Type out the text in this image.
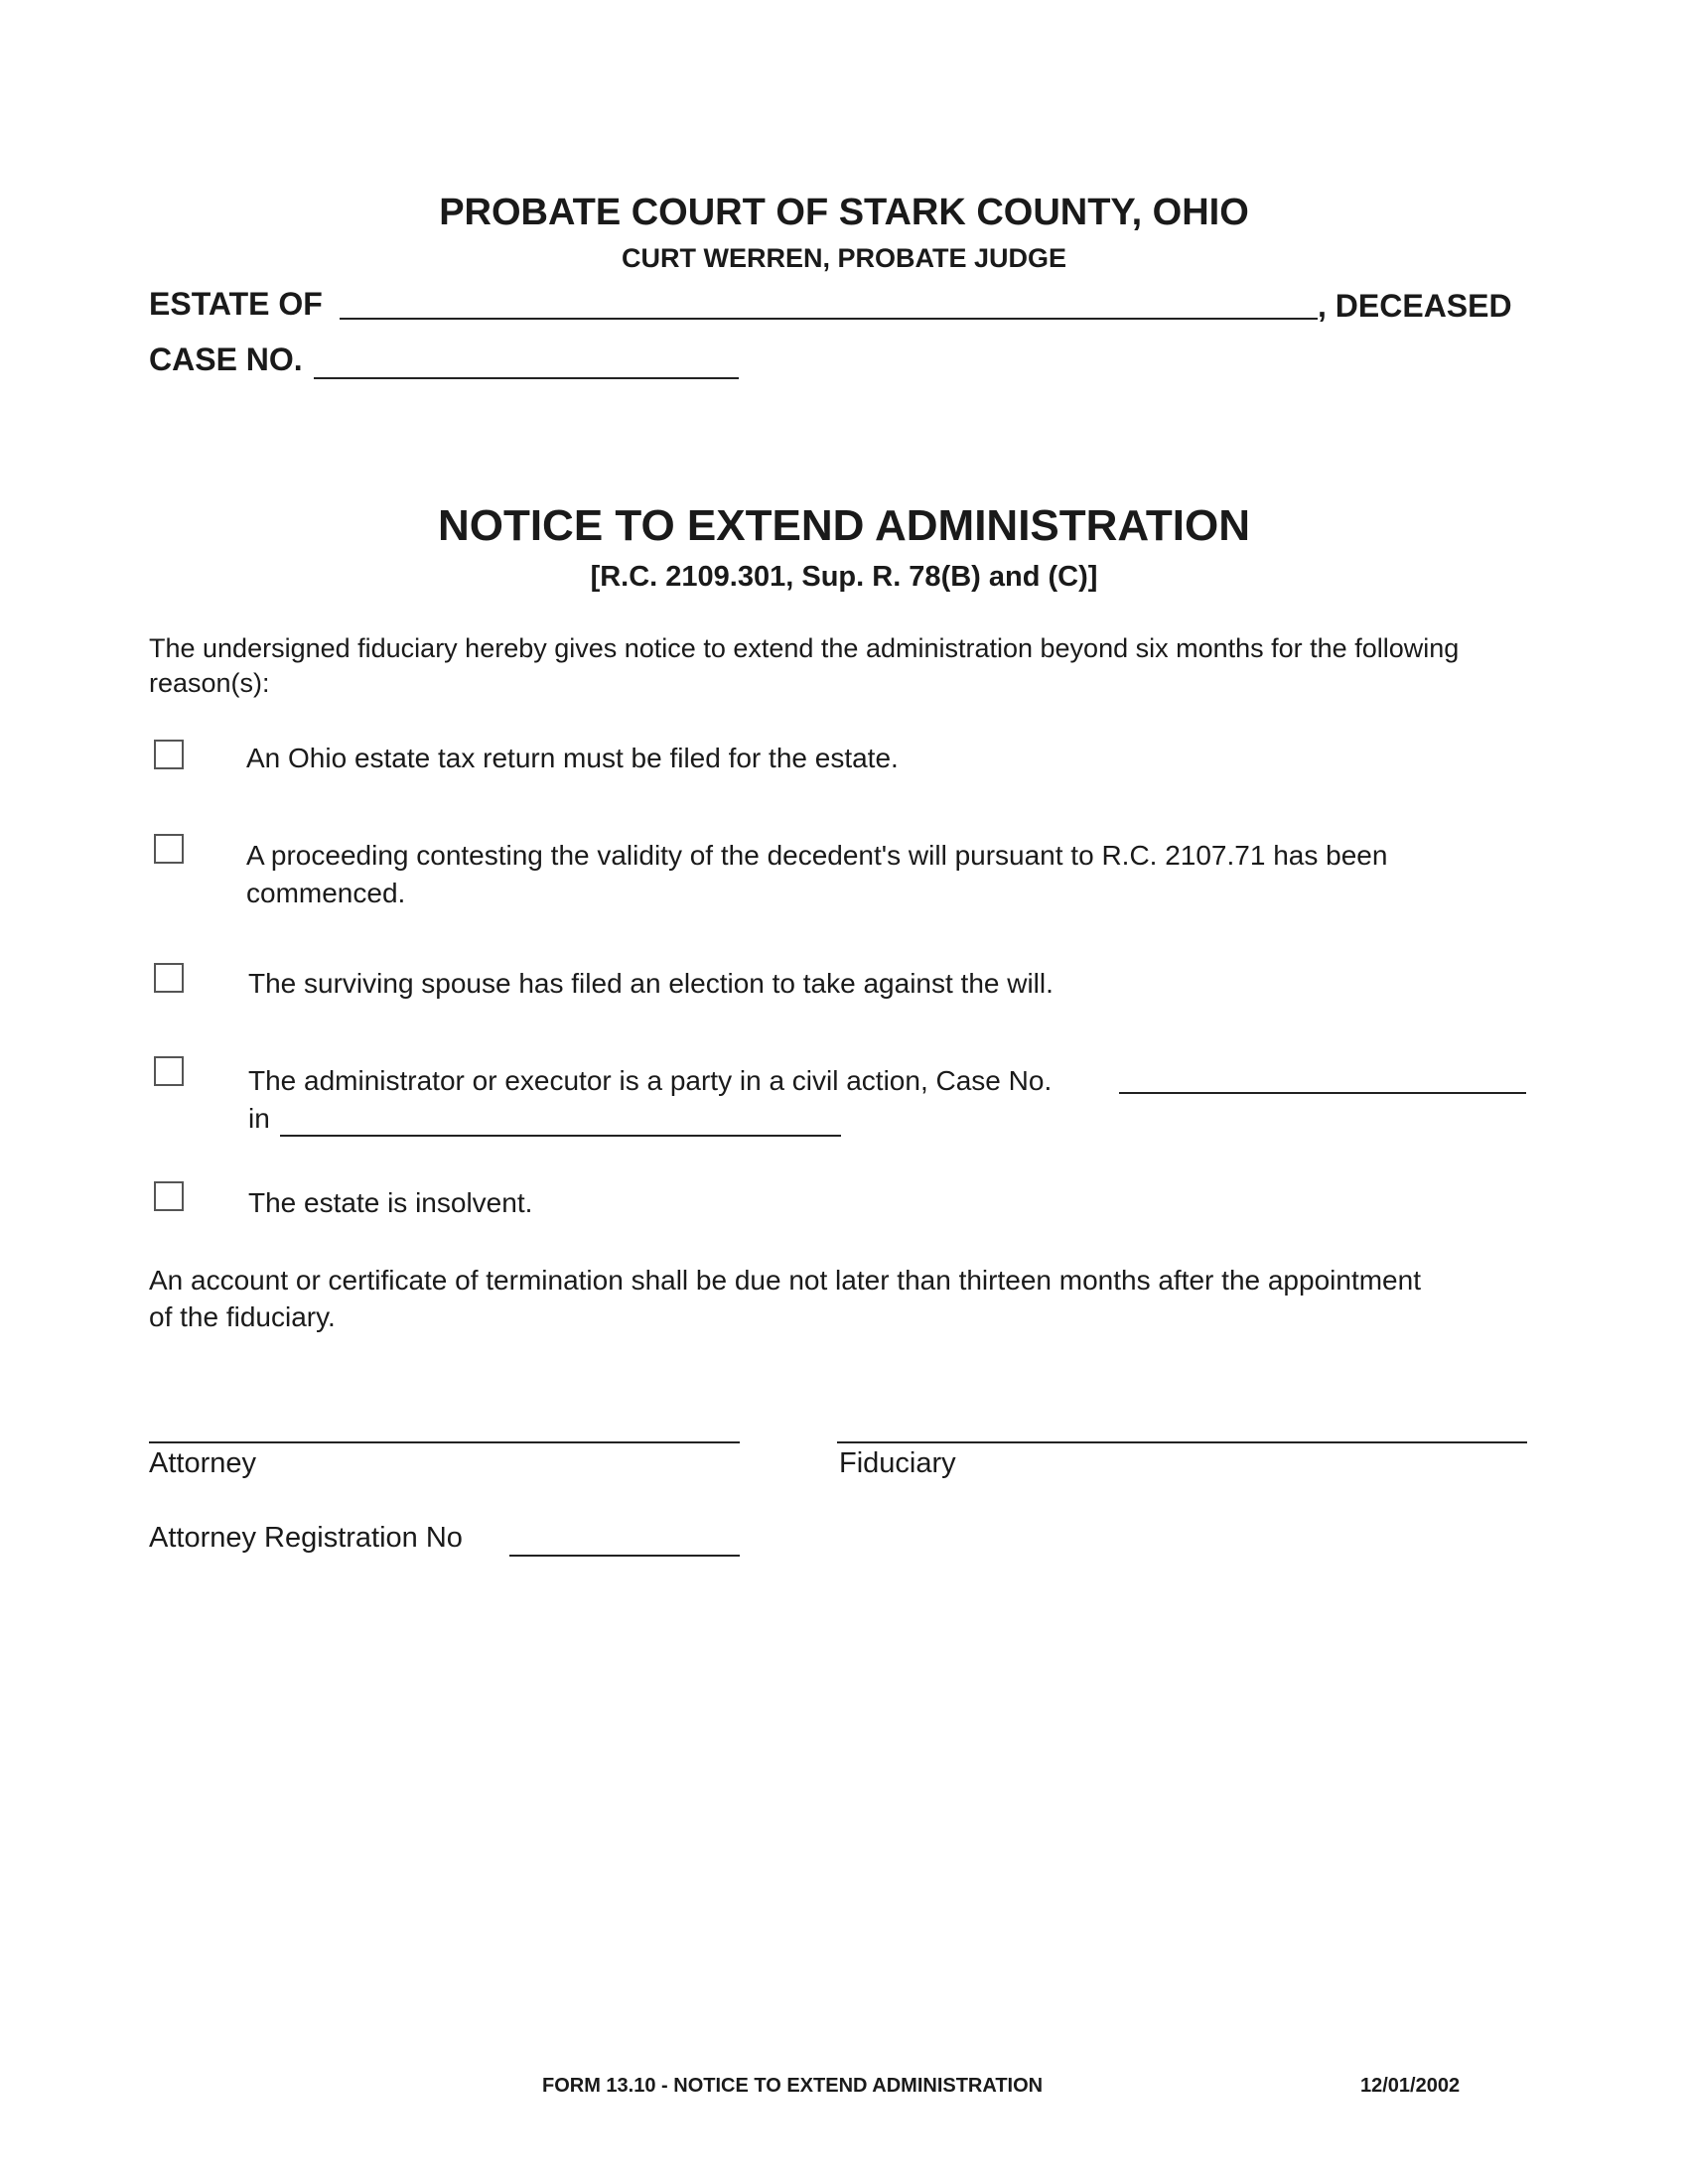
PROBATE COURT OF STARK COUNTY, OHIO
CURT WERREN, PROBATE JUDGE
ESTATE OF	, DECEASED
CASE NO.
NOTICE TO EXTEND ADMINISTRATION
[R.C. 2109.301, Sup. R. 78(B) and (C)]
The undersigned fiduciary hereby gives notice to extend the administration beyond six months for the following
reason(s):
An Ohio estate tax return must be filed for the estate.
A proceeding contesting the validity of the decedent's will pursuant to R.C. 2107.71 has been
commenced.
The surviving spouse has filed an election to take against the will.
The administrator or executor is a party in a civil action, Case No.
in
The estate is insolvent.
An account or certificate of termination shall be due not later than thirteen months after the appointment
of the fiduciary.
Attorney	Fiduciary
Attorney Registration No
FORM 13.10 - NOTICE TO EXTEND ADMINISTRATION	12/01/2002
